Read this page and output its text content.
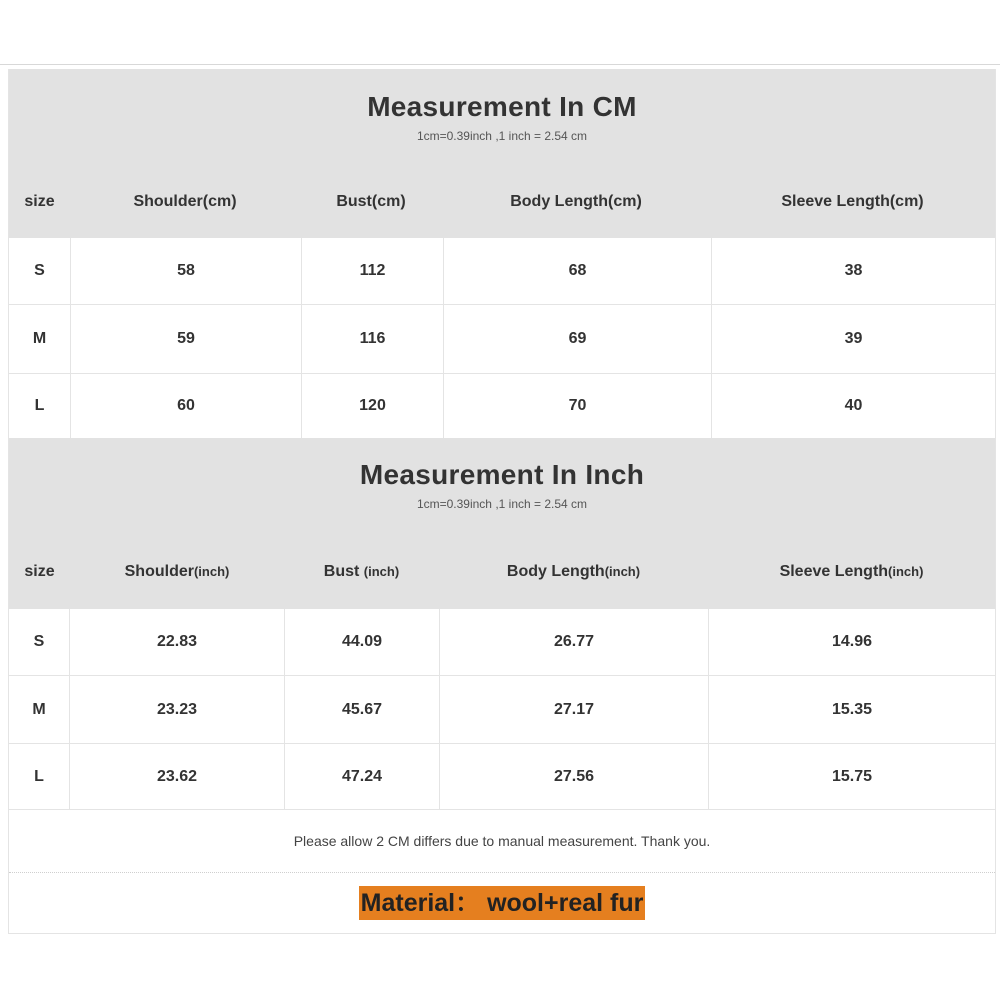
Measurement In CM
1cm=0.39inch ,1 inch = 2.54 cm
size	Shoulder(cm)	Bust(cm)	Body Length(cm)	Sleeve Length(cm)
S	58	112	68	38
M	59	116	69	39
L	60	120	70	40
Measurement In Inch
1cm=0.39inch ,1 inch = 2.54 cm
size	Shoulder(inch)	Bust (inch)	Body Length(inch)	Sleeve Length(inch)
S	22.83	44.09	26.77	14.96
M	23.23	45.67	27.17	15.35
L	23.62	47.24	27.56	15.75
Please allow 2 CM differs due to manual measurement. Thank you.
Material： wool+real fur
